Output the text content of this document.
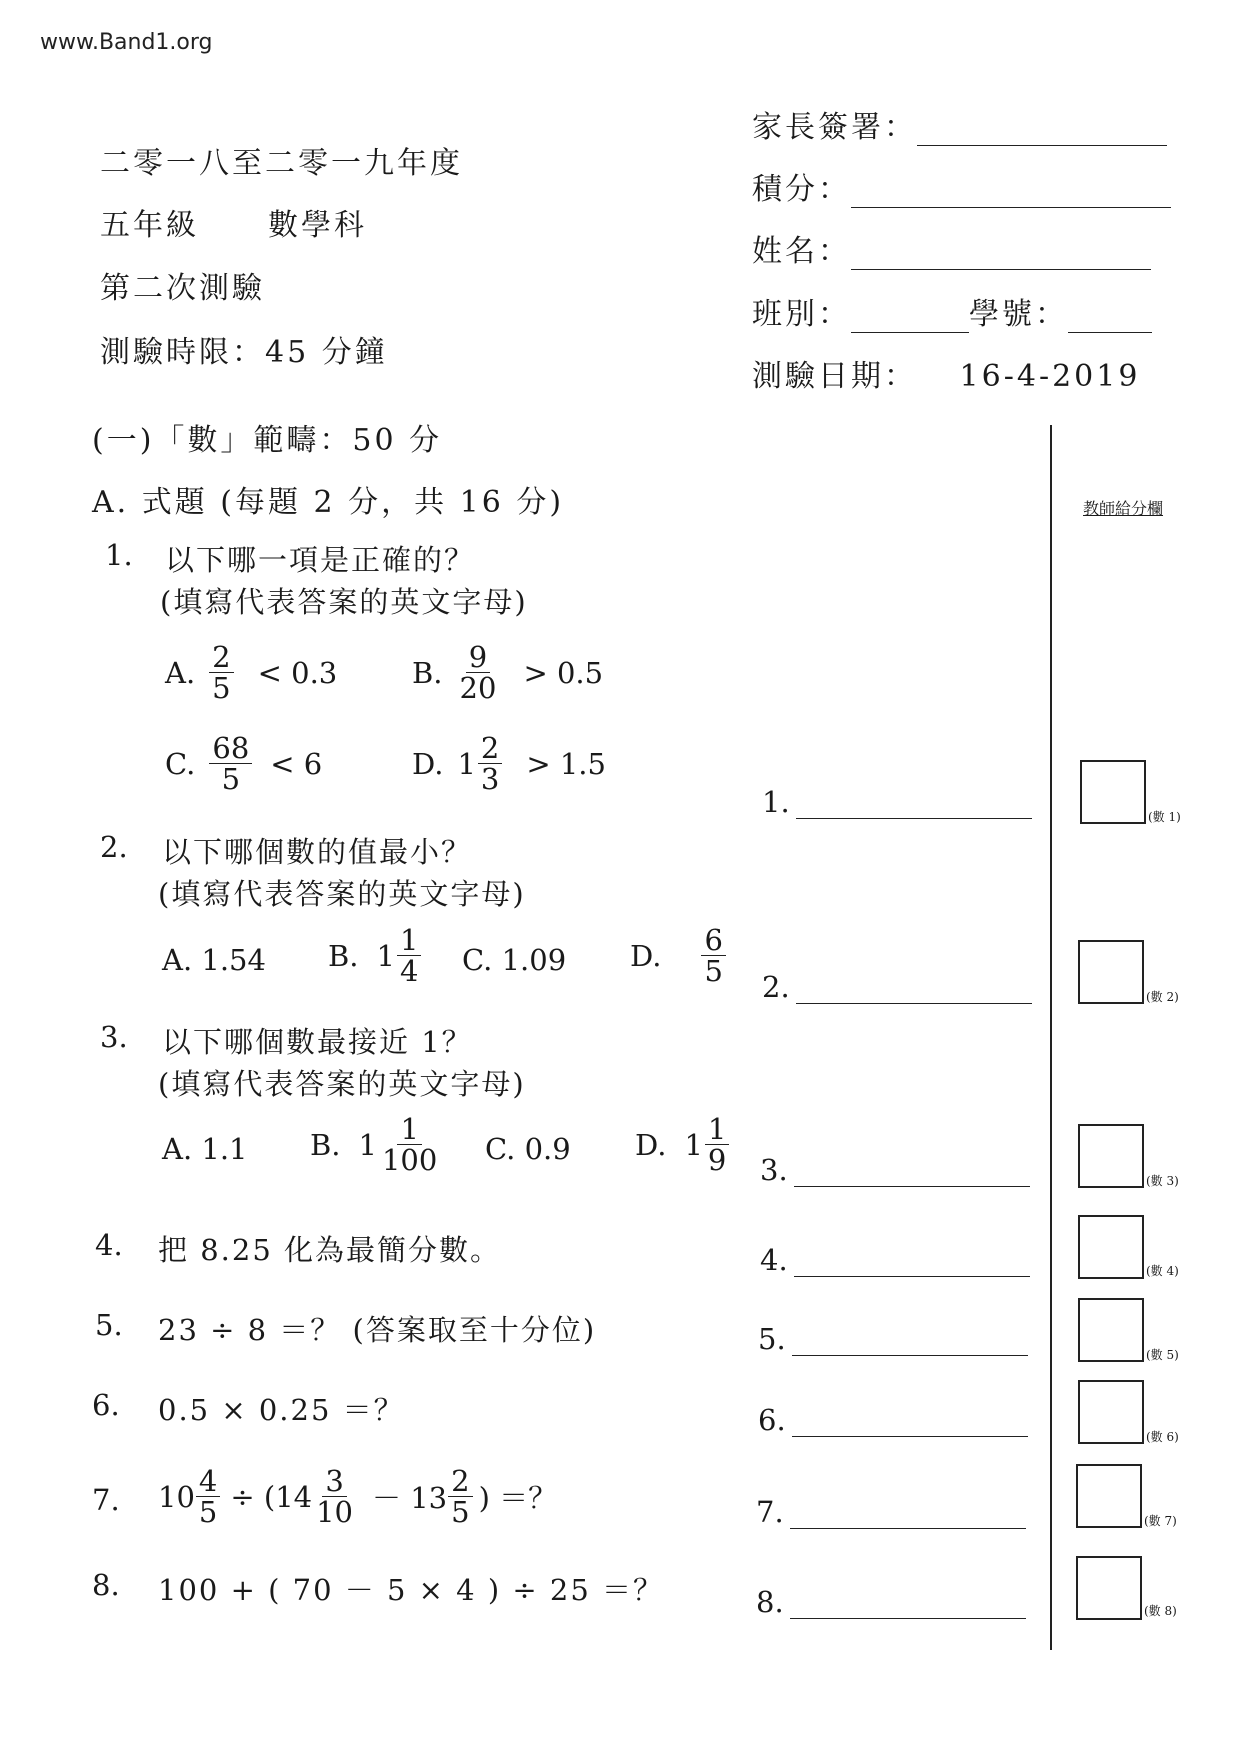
www.Band1.org
二零一八至二零一九年度
五年級 數學科
第二次測驗
測驗時限：45 分鐘
家長簽署：
積分：
姓名：
班別：	學號：
測驗日期： 16-4-2019
(一)「數」範疇：50 分
A. 式題 (每題 2 分，共 16 分)	教師給分欄
1. 以下哪一項是正確的？
(填寫代表答案的英文字母)
A. $\frac{2}{5} < 0.3$	B. $\frac{9}{20} > 0.5$
C. $\frac{68}{5} < 6$	D. $1 \frac{2}{3} > 1.5$
2. 以下哪個數的值最小？
(填寫代表答案的英文字母)
A. 1.54 B. $1 \frac{1}{4} C$. 1.09 D. $\frac{6}{5}$
3. 以下哪個數最接近 1？
(填寫代表答案的英文字母)
A. 1.1 B. $1 \frac{1}{100} C$. 0.9 D. $1 \frac{1}{9}$
4. 把 8.25 化為最簡分數。
5. 23 ÷ 8 ＝？ (答案取至十分位)
6. 0.5 × 0.25 ＝？
7. $10 \frac{4}{5} \div (14 \frac{3}{10} - 13 \frac{2}{5}$ ) ＝？
8. 100 + ( 70 － 5 × 4 ) ÷ 25 ＝？
1.
2.
3.
4.
5.
6.
7.
8.
(數 1)
(數 2)
(數 3)
(數 4)
(數 5)
(數 6)
(數 7)
(數 8)
